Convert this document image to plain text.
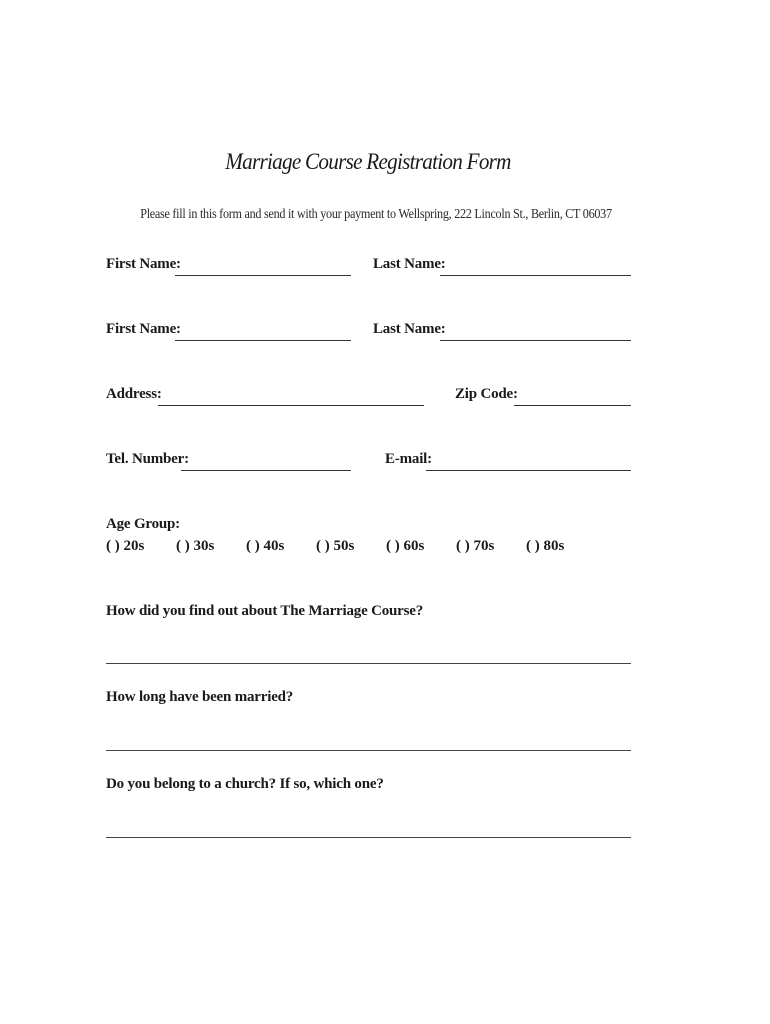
Marriage Course Registration Form
Please fill in this form and send it with your payment to Wellspring, 222 Lincoln St., Berlin, CT 06037
First Name:	Last Name:
First Name:	Last Name:
Address:	Zip Code:
Tel. Number:	E-mail:
Age Group:
( ) 20s ( ) 30s ( ) 40s ( ) 50s ( ) 60s ( ) 70s ( ) 80s
How did you find out about The Marriage Course?
How long have been married?
Do you belong to a church? If so, which one?
